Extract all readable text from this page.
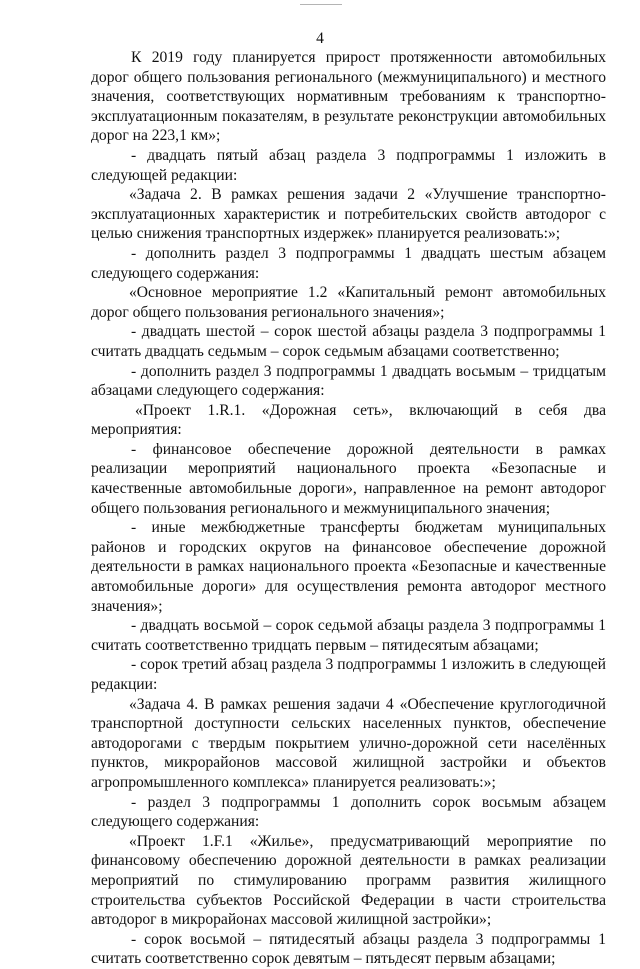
4

К 2019 году планируется прирост протяженности автомобильных дорог общего пользования регионального (межмуниципального) и местного значения, соответствующих нормативным требованиям к транспортно-эксплуатационным показателям, в результате реконструкции автомобильных дорог на 223,1 км»;

- двадцать пятый абзац раздела 3 подпрограммы 1 изложить в следующей редакции:

«Задача 2. В рамках решения задачи 2 «Улучшение транспортно-эксплуатационных характеристик и потребительских свойств автодорог с целью снижения транспортных издержек» планируется реализовать:»;

- дополнить раздел 3 подпрограммы 1 двадцать шестым абзацем следующего содержания:

«Основное мероприятие 1.2 «Капитальный ремонт автомобильных дорог общего пользования регионального значения»;

- двадцать шестой – сорок шестой абзацы раздела 3 подпрограммы 1 считать двадцать седьмым – сорок седьмым абзацами соответственно;

- дополнить раздел 3 подпрограммы 1 двадцать восьмым – тридцатым абзацами следующего содержания:

«Проект 1.R.1. «Дорожная сеть», включающий в себя два мероприятия:

- финансовое обеспечение дорожной деятельности в рамках реализации мероприятий национального проекта «Безопасные и качественные автомобильные дороги», направленное на ремонт автодорог общего пользования регионального и межмуниципального значения;

- иные межбюджетные трансферты бюджетам муниципальных районов и городских округов на финансовое обеспечение дорожной деятельности в рамках национального проекта «Безопасные и качественные автомобильные дороги» для осуществления ремонта автодорог местного значения»;

- двадцать восьмой – сорок седьмой абзацы раздела 3 подпрограммы 1 считать соответственно тридцать первым – пятидесятым абзацами;

- сорок третий абзац раздела 3 подпрограммы 1 изложить в следующей редакции:

«Задача 4. В рамках решения задачи 4 «Обеспечение круглогодичной транспортной доступности сельских населенных пунктов, обеспечение автодорогами с твердым покрытием улично-дорожной сети населённых пунктов, микрорайонов массовой жилищной застройки и объектов агропромышленного комплекса» планируется реализовать:»;

- раздел 3 подпрограммы 1 дополнить сорок восьмым абзацем следующего содержания:

«Проект 1.F.1 «Жилье», предусматривающий мероприятие по финансовому обеспечению дорожной деятельности в рамках реализации мероприятий по стимулированию программ развития жилищного строительства субъектов Российской Федерации в части строительства автодорог в микрорайонах массовой жилищной застройки»;

- сорок восьмой – пятидесятый абзацы раздела 3 подпрограммы 1 считать соответственно сорок девятым – пятьдесят первым абзацами;
